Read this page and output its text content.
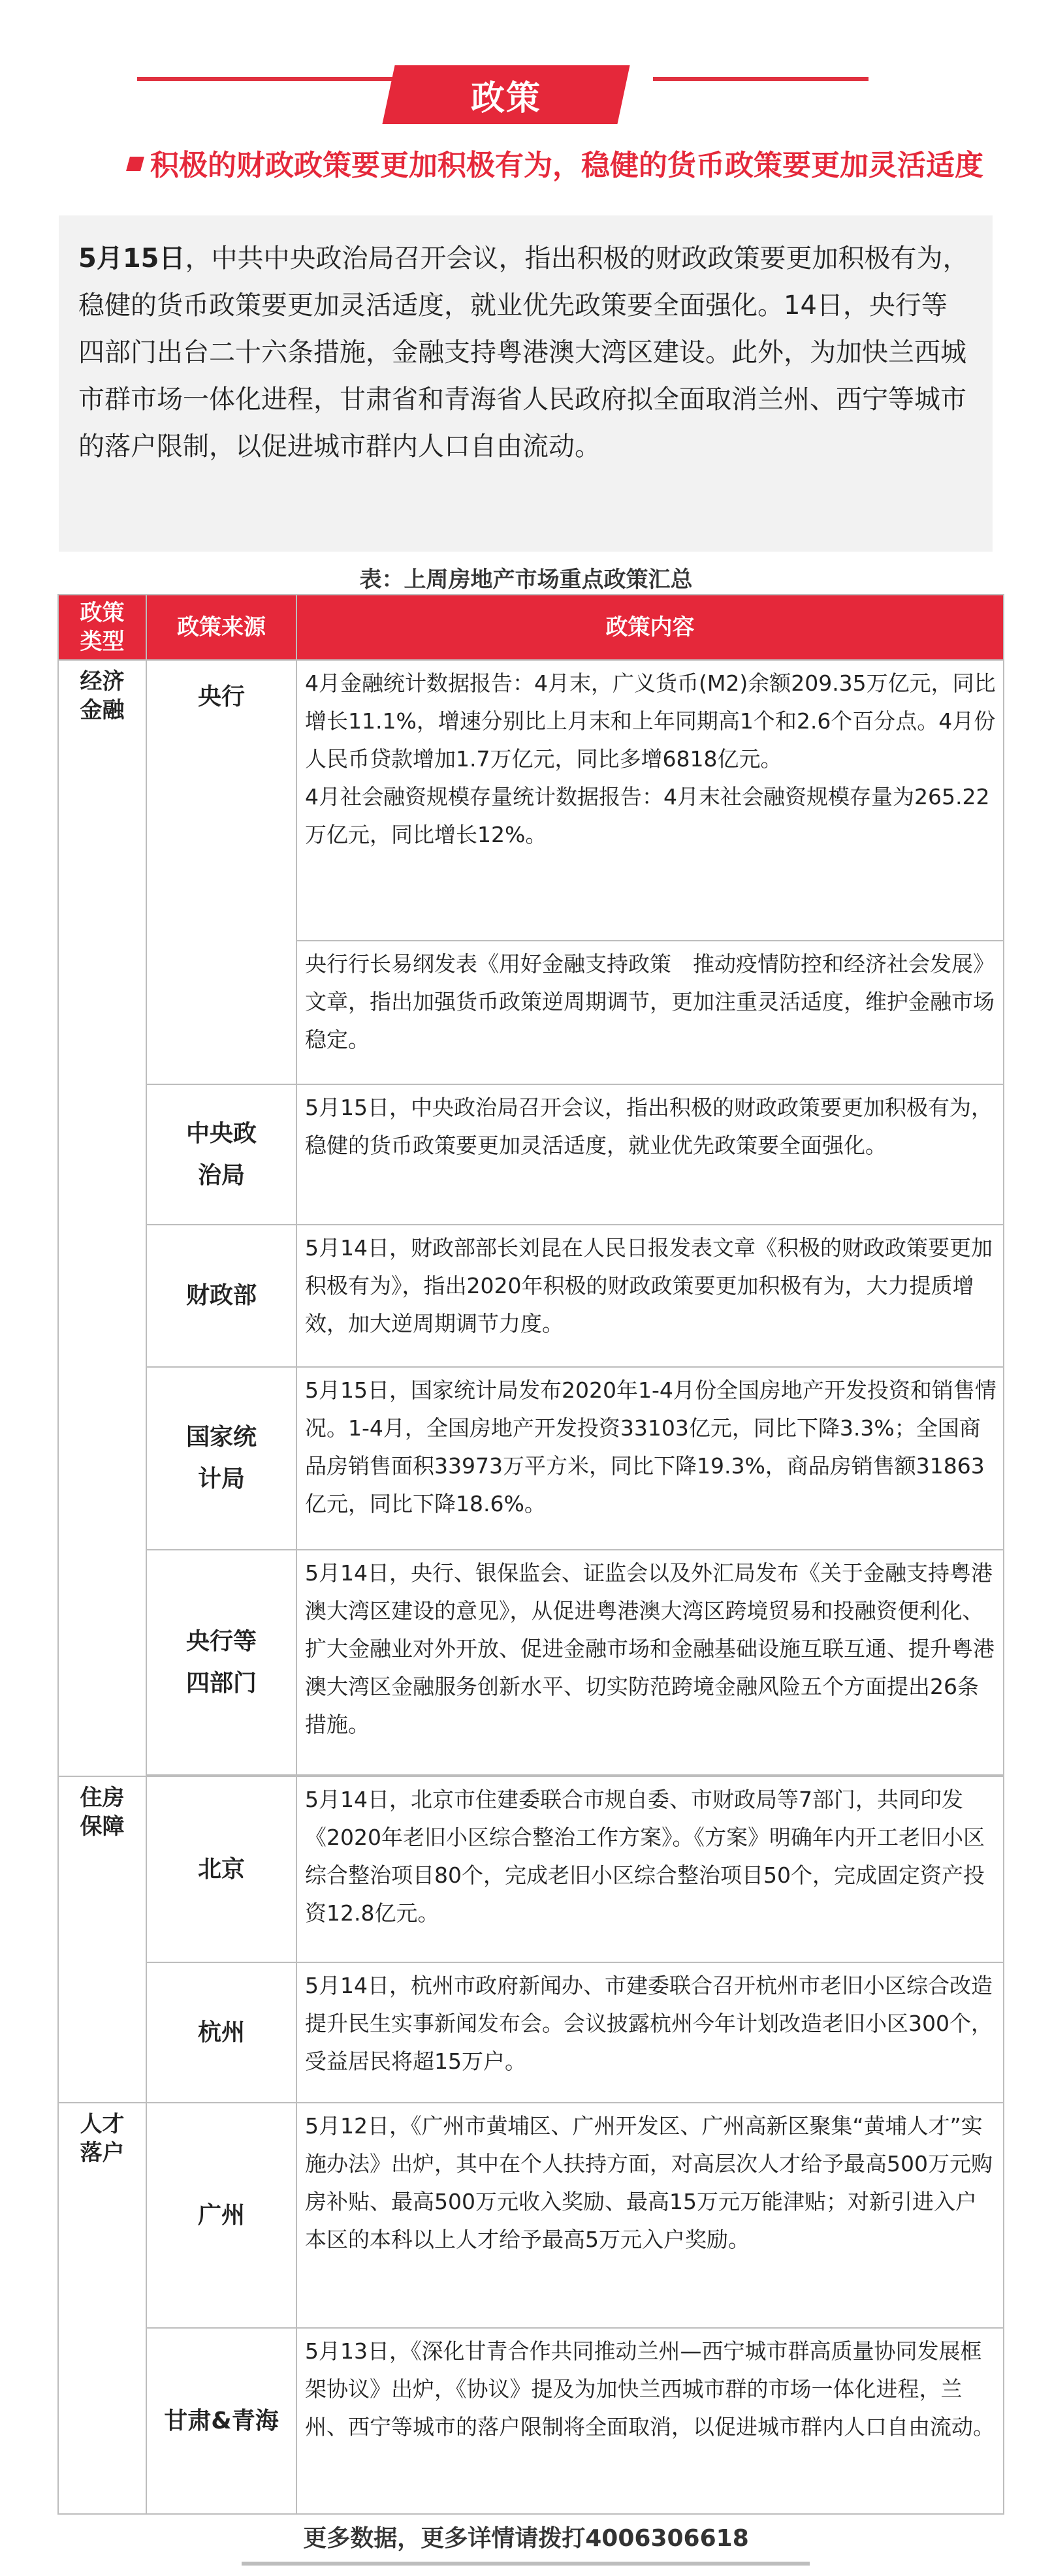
政策
积极的财政政策要更加积极有为，稳健的货币政策要更加灵活适度
5月15日，中共中央政治局召开会议，指出积极的财政政策要更加积极有为，稳健的货币政策要更加灵活适度，就业优先政策要全面强化。14日，央行等四部门出台二十六条措施，金融支持粤港澳大湾区建设。此外，为加快兰西城市群市场一体化进程，甘肃省和青海省人民政府拟全面取消兰州、西宁等城市的落户限制，以促进城市群内人口自由流动。
表：上周房地产市场重点政策汇总
政策类型	政策来源	政策内容
经济金融	央行	4月金融统计数据报告：4月末，广义货币(M2)余额209.35万亿元，同比增长11.1%，增速分别比上月末和上年同期高1个和2.6个百分点。4月份人民币贷款增加1.7万亿元，同比多增6818亿元。
4月社会融资规模存量统计数据报告：4月末社会融资规模存量为265.22万亿元，同比增长12%。

		央行行长易纲发表《用好金融支持政策　推动疫情防控和经济社会发展》文章，指出加强货币政策逆周期调节，更加注重灵活适度，维护金融市场稳定。
	中央政治局	5月15日，中央政治局召开会议，指出积极的财政政策要更加积极有为，稳健的货币政策要更加灵活适度，就业优先政策要全面强化。
	财政部	5月14日，财政部部长刘昆在人民日报发表文章《积极的财政政策要更加积极有为》，指出2020年积极的财政政策要更加积极有为，大力提质增效，加大逆周期调节力度。
	国家统计局	5月15日，国家统计局发布2020年1-4月份全国房地产开发投资和销售情况。1-4月，全国房地产开发投资33103亿元，同比下降3.3%；全国商品房销售面积33973万平方米，同比下降19.3%，商品房销售额31863亿元，同比下降18.6%。
	央行等四部门	5月14日，央行、银保监会、证监会以及外汇局发布《关于金融支持粤港澳大湾区建设的意见》，从促进粤港澳大湾区跨境贸易和投融资便利化、扩大金融业对外开放、促进金融市场和金融基础设施互联互通、提升粤港澳大湾区金融服务创新水平、切实防范跨境金融风险五个方面提出26条措施。

住房保障	北京	5月14日，北京市住建委联合市规自委、市财政局等7部门，共同印发《2020年老旧小区综合整治工作方案》。《方案》明确年内开工老旧小区综合整治项目80个，完成老旧小区综合整治项目50个，完成固定资产投资12.8亿元。
	杭州	5月14日，杭州市政府新闻办、市建委联合召开杭州市老旧小区综合改造提升民生实事新闻发布会。会议披露杭州今年计划改造老旧小区300个，受益居民将超15万户。
人才落户	广州	5月12日，《广州市黄埔区、广州开发区、广州高新区聚集“黄埔人才”实施办法》出炉，其中在个人扶持方面，对高层次人才给予最高500万元购房补贴、最高500万元收入奖励、最高15万元万能津贴；对新引进入户本区的本科以上人才给予最高5万元入户奖励。
	甘肃&青海	5月13日，《深化甘青合作共同推动兰州—西宁城市群高质量协同发展框架协议》出炉，《协议》提及为加快兰西城市群的市场一体化进程，兰州、西宁等城市的落户限制将全面取消，以促进城市群内人口自由流动。
更多数据，更多详情请拨打4006306618
